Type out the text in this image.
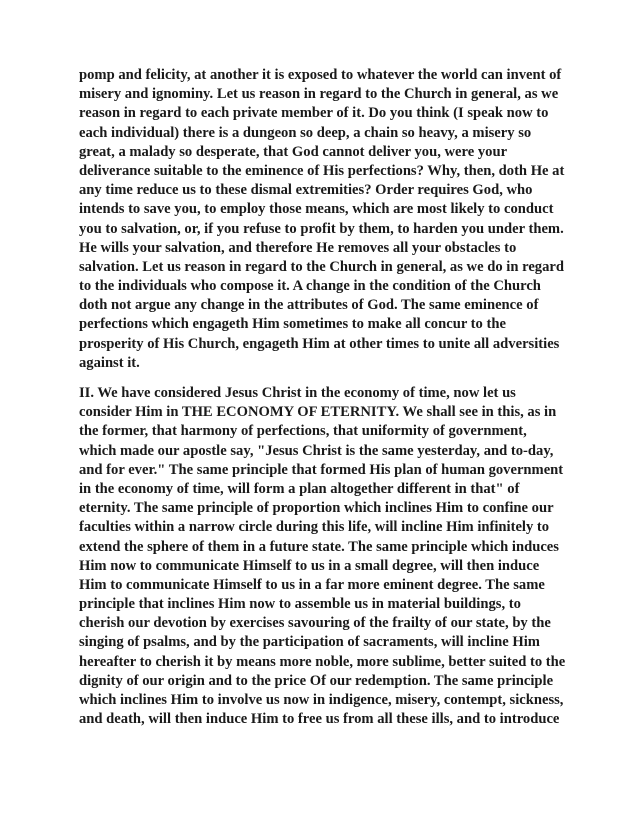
pomp and felicity, at another it is exposed to whatever the world can invent of
misery and ignominy. Let us reason in regard to the Church in general, as we
reason in regard to each private member of it. Do you think (I speak now to
each individual) there is a dungeon so deep, a chain so heavy, a misery so
great, a malady so desperate, that God cannot deliver you, were your
deliverance suitable to the eminence of His perfections? Why, then, doth He at
any time reduce us to these dismal extremities? Order requires God, who
intends to save you, to employ those means, which are most likely to conduct
you to salvation, or, if you refuse to profit by them, to harden you under them.
He wills your salvation, and therefore He removes all your obstacles to
salvation. Let us reason in regard to the Church in general, as we do in regard
to the individuals who compose it. A change in the condition of the Church
doth not argue any change in the attributes of God. The same eminence of
perfections which engageth Him sometimes to make all concur to the
prosperity of His Church, engageth Him at other times to unite all adversities
against it.
II. We have considered Jesus Christ in the economy of time, now let us
consider Him in THE ECONOMY OF ETERNITY. We shall see in this, as in
the former, that harmony of perfections, that uniformity of government,
which made our apostle say, "Jesus Christ is the same yesterday, and to-day,
and for ever." The same principle that formed His plan of human government
in the economy of time, will form a plan altogether different in that" of
eternity. The same principle of proportion which inclines Him to confine our
faculties within a narrow circle during this life, will incline Him infinitely to
extend the sphere of them in a future state. The same principle which induces
Him now to communicate Himself to us in a small degree, will then induce
Him to communicate Himself to us in a far more eminent degree. The same
principle that inclines Him now to assemble us in material buildings, to
cherish our devotion by exercises savouring of the frailty of our state, by the
singing of psalms, and by the participation of sacraments, will incline Him
hereafter to cherish it by means more noble, more sublime, better suited to the
dignity of our origin and to the price Of our redemption. The same principle
which inclines Him to involve us now in indigence, misery, contempt, sickness,
and death, will then induce Him to free us from all these ills, and to introduce
